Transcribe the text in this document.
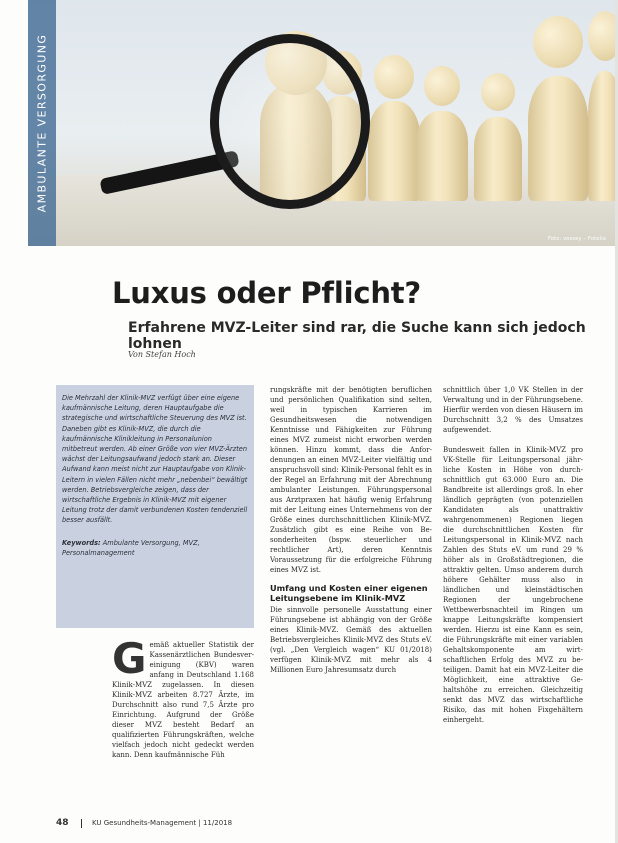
Foto: vossey – Fotolia
AMBULANTE VERSORGUNG
Luxus oder Pflicht?
Erfahrene MVZ-Leiter sind rar, die Suche kann sich jedoch lohnen
Von Stefan Hoch

Die Mehrzahl der Klinik-MVZ verfügt über eine eigene kaufmännische Leitung, deren Hauptaufgabe die strategische und wirtschaftliche Steuerung des MVZ ist. Daneben gibt es Klinik-MVZ, die durch die kaufmännische Klinikleitung in Personalunion mitbetreut werden. Ab einer Größe von vier MVZ-Ärzten wächst der Leitungsaufwand jedoch stark an. Dieser Aufwand kann meist nicht zur Hauptaufgabe von Klinik-Leitern in vielen Fällen nicht mehr „nebenbei“ bewältigt werden. Betriebsvergleiche zeigen, dass der wirtschaftliche Ergebnis in Klinik-MVZ mit eigener Leitung trotz der damit verbundenen Kosten tendenziell besser ausfällt.

Keywords: Ambulante Versorgung, MVZ, Personalmanagement

G emäß aktueller Statistik der Kassenärztlichen Bundesvereinigung (KBV) waren anfang in Deutschland 1.168 Klinik-MVZ zugelassen. In diesen Klinik-MVZ arbeiten 8.727 Ärzte, im Durchschnitt also rund 7,5 Ärzte pro Einrichtung. Aufgrund der Größe dieser MVZ besteht Bedarf an qualifizierten Führungskräften, welche vielfach jedoch nicht gedeckt werden kann. Denn kaufmännische Füh

rungskräfte mit der benötigten beruflichen und persönlichen Qualifikation sind selten, weil in typischen Karrieren im Gesundheitswesen die notwendigen Kenntnisse und Fähigkeiten zur Führung eines MVZ zumeist nicht erworben werden können. Hinzu kommt, dass die Anfordenungen an einen MVZ-Leiter vielfältig und anspruchsvoll sind: Klinik-Personal fehlt es in der Regel an Erfahrung mit der Abrechnung ambulanter Leistungen. Führungspersonal aus Arztpraxen hat häufig wenig Erfahrung mit der Leitung eines Unternehmens von der Größe eines durchschnittlichen Klinik-MVZ. Zusätzlich gibt es eine Reihe von Besonderheiten (bspw. steuerlicher und rechtlicher Art), deren Kenntnis Voraussetzung für die erfolgreiche Führung eines MVZ ist.

Umfang und Kosten einer eigenen Leitungsebene im Klinik-MVZ

Die sinnvolle personelle Ausstattung einer Führungsebene ist abhängig von der Größe eines Klinik-MVZ. Gemäß des aktuellen Betriebsvergleiches Klinik-MVZ des Stuts eV. (vgl. „Den Vergleich wagen“ KU 01/2018) verfügen Klinik-MVZ mit mehr als 4 Millionen Euro Jahresumsatz durch

schnittlich über 1,0 VK Stellen in der Verwaltung und in der Führungsebene. Hierfür werden von diesen Häusern im Durchschnitt 3,2 % des Umsatzes aufgewendet.

Bundesweit fallen in Klinik-MVZ pro VK-Stelle für Leitungspersonal jährliche Kosten in Höhe von durchschnittlich gut 63.000 Euro an. Die Bandbreite ist allerdings groß. In eher ländlich geprägten (von potenziellen Kandidaten als unattraktiv wahrgenommenen) Regionen liegen die durchschnittlichen Kosten für Leitungspersonal in Klinik-MVZ nach Zahlen des Stuts eV. um rund 29 % höher als in Großstädtregionen, die attraktiv gelten. Umso anderem durch höhere Gehälter muss also in ländlichen und kleinstädtischen Regionen der ungebrochene Wettbewerbsnachteil im Ringen um knappe Leitungskräfte kompensiert werden. Hierzu ist eine Kann es sein, die Führungskräfte mit einer variablen Gehaltskomponente am wirtschaftlichen Erfolg des MVZ zu beteiligen. Damit hat ein MVZ-Leiter die Möglichkeit, eine attraktive Gehaltshöhe zu erreichen. Gleichzeitig senkt das MVZ das wirtschaftliche Risiko, das mit hohen Fixgehältern einhergeht.

48	KU Gesundheits-Management | 11/2018
